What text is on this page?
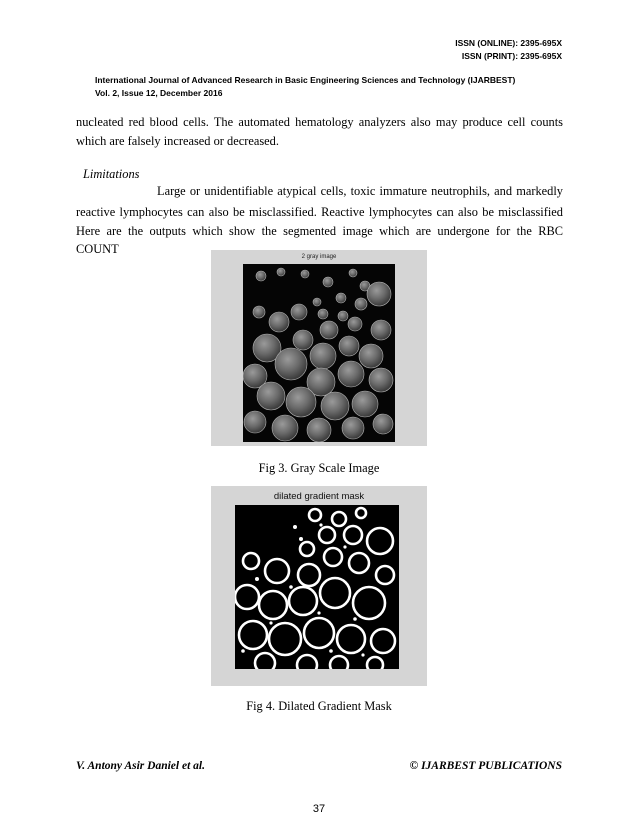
ISSN (ONLINE): 2395-695X
ISSN (PRINT): 2395-695X
International Journal of Advanced Research in Basic Engineering Sciences and Technology (IJARBEST)
Vol. 2, Issue 12, December 2016
nucleated red blood cells. The automated hematology analyzers also may produce cell counts
which are falsely increased or decreased.
Limitations
Large or unidentifiable atypical cells, toxic immature neutrophils, and markedly
reactive lymphocytes can also be misclassified. Reactive lymphocytes can also be misclassified
Here are the outputs which show the segmented image which are undergone for the RBC
COUNT
2 gray image
Fig 3. Gray Scale Image
dilated gradient mask
Fig 4. Dilated Gradient Mask
V. Antony Asir Daniel et al.	© IJARBEST PUBLICATIONS
37
